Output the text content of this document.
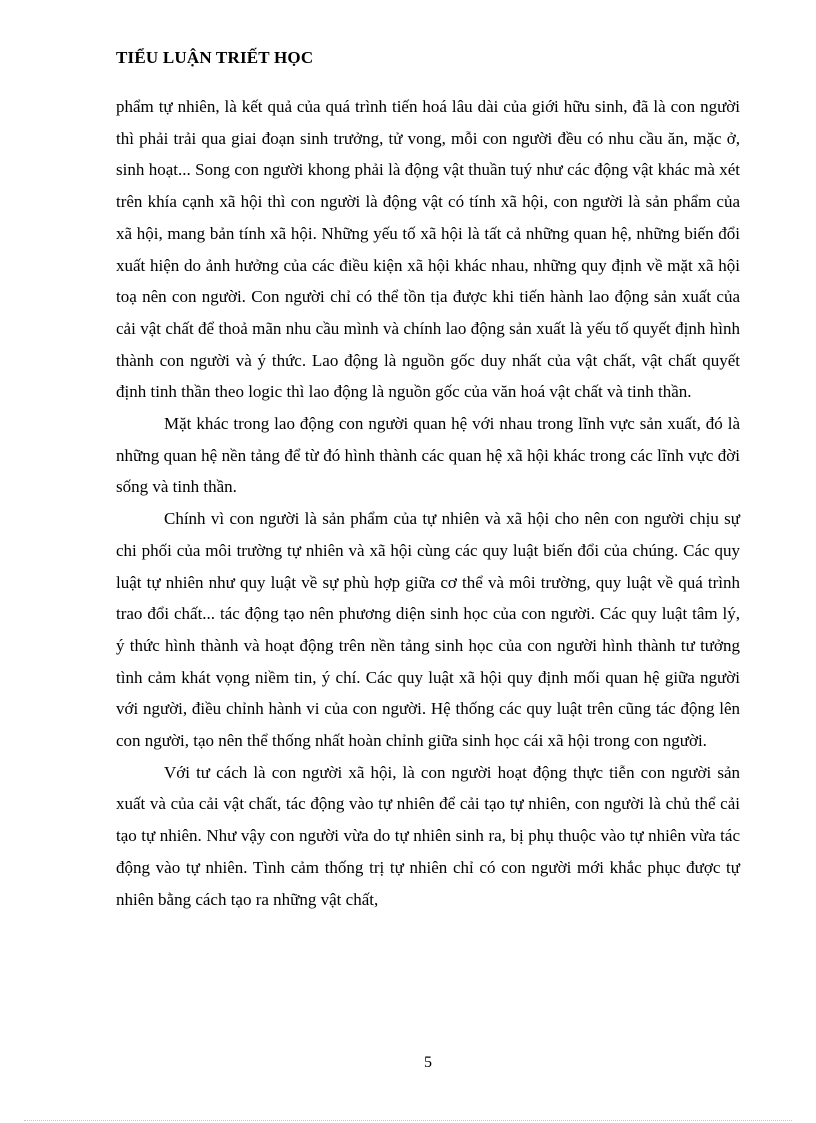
TIỂU LUẬN TRIẾT HỌC

phẩm tự nhiên, là kết quả của quá trình tiến hoá lâu dài của giới hữu sinh, đã là con người thì phải trải qua giai đoạn sinh trưởng, tử vong, mỗi con người đều có nhu cầu ăn, mặc ở, sinh hoạt... Song con người khong phải là động vật thuần tuý như các động vật khác mà xét trên khía cạnh xã hội thì con người là động vật có tính xã hội, con người là sản phẩm của xã hội, mang bản tính xã hội. Những yếu tố xã hội là tất cả những quan hệ, những biến đổi xuất hiện do ảnh hưởng của các điều kiện xã hội khác nhau, những quy định về mặt xã hội toạ nên con người. Con người chỉ có thể tồn tịa được khi tiến hành lao động sản xuất của cải vật chất để thoả mãn nhu cầu mình và chính lao động sản xuất là yếu tố quyết định hình thành con người và ý thức. Lao động là nguồn gốc duy nhất của vật chất, vật chất quyết định tinh thần theo logic thì lao động là nguồn gốc của văn hoá vật chất và tinh thần.

Mặt khác trong lao động con người quan hệ với nhau trong lĩnh vực sản xuất, đó là những quan hệ nền tảng để từ đó hình thành các quan hệ xã hội khác trong các lĩnh vực đời sống và tinh thần.

Chính vì con người là sản phẩm của tự nhiên và xã hội cho nên con người chịu sự chi phối của môi trường tự nhiên và xã hội cùng các quy luật biến đổi của chúng. Các quy luật tự nhiên như quy luật về sự phù hợp giữa cơ thể và môi trường, quy luật về quá trình trao đổi chất... tác động tạo nên phương diện sinh học của con người. Các quy luật tâm lý, ý thức hình thành và hoạt động trên nền tảng sinh học của con người hình thành tư tưởng tình cảm khát vọng niềm tin, ý chí. Các quy luật xã hội quy định mối quan hệ giữa người với người, điều chỉnh hành vi của con người. Hệ thống các quy luật trên cũng tác động lên con người, tạo nên thể thống nhất hoàn chỉnh giữa sinh học cái xã hội trong con người.

Với tư cách là con người xã hội, là con người hoạt động thực tiễn con người sản xuất và của cải vật chất, tác động vào tự nhiên để cải tạo tự nhiên, con người là chủ thể cải tạo tự nhiên. Như vậy con người vừa do tự nhiên sinh ra, bị phụ thuộc vào tự nhiên vừa tác động vào tự nhiên. Tình cảm thống trị tự nhiên chỉ có con người mới khắc phục được tự nhiên bằng cách tạo ra những vật chất,

5
